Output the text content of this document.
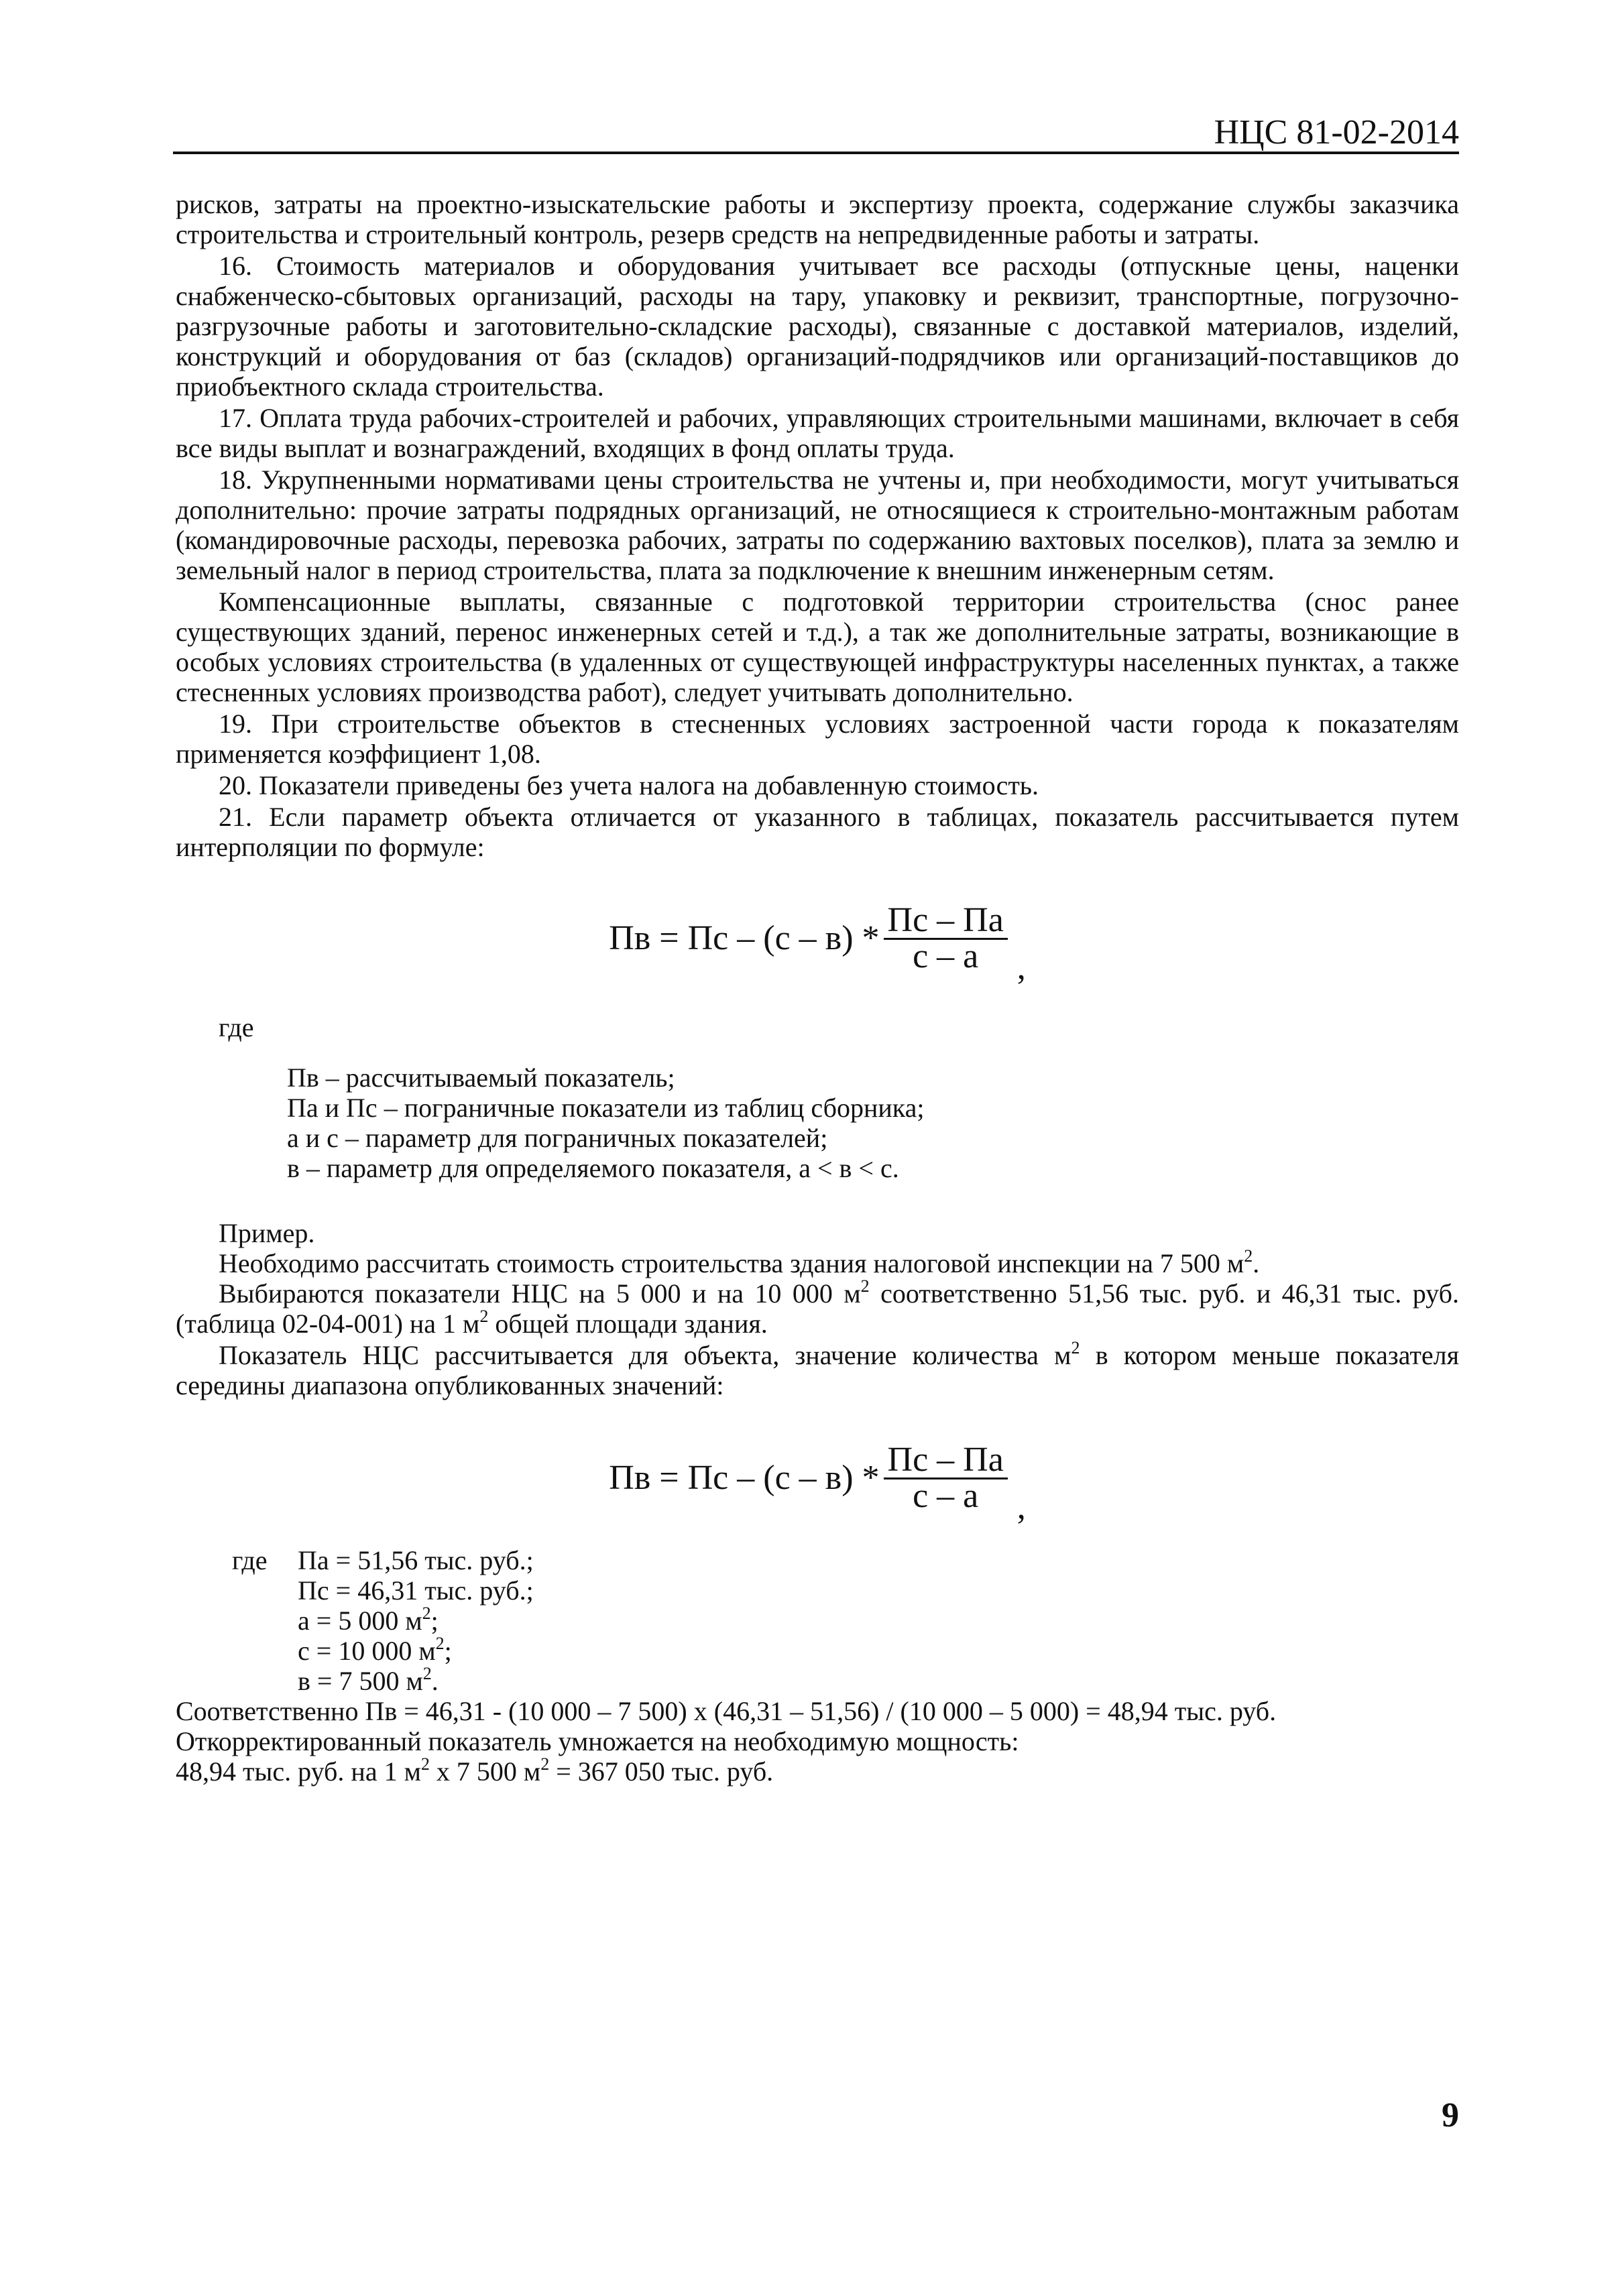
НЦС 81-02-2014

рисков, затраты на проектно-изыскательские работы и экспертизу проекта, содержание службы заказчика строительства и строительный контроль, резерв средств на непредвиденные работы и затраты.

16. Стоимость материалов и оборудования учитывает все расходы (отпускные цены, наценки снабженческо-сбытовых организаций, расходы на тару, упаковку и реквизит, транспортные, погрузочно-разгрузочные работы и заготовительно-складские расходы), связанные с доставкой материалов, изделий, конструкций и оборудования от баз (складов) организаций-подрядчиков или организаций-поставщиков до приобъектного склада строительства.

17. Оплата труда рабочих-строителей и рабочих, управляющих строительными машинами, включает в себя все виды выплат и вознаграждений, входящих в фонд оплаты труда.

18. Укрупненными нормативами цены строительства не учтены и, при необходимости, могут учитываться дополнительно: прочие затраты подрядных организаций, не относящиеся к строительно-монтажным работам (командировочные расходы, перевозка рабочих, затраты по содержанию вахтовых поселков), плата за землю и земельный налог в период строительства, плата за подключение к внешним инженерным сетям.

Компенсационные выплаты, связанные с подготовкой территории строительства (снос ранее существующих зданий, перенос инженерных сетей и т.д.), а так же дополнительные затраты, возникающие в особых условиях строительства (в удаленных от существующей инфраструктуры населенных пунктах, а также стесненных условиях производства работ), следует учитывать дополнительно.

19. При строительстве объектов в стесненных условиях застроенной части города к показателям применяется коэффициент 1,08.

20. Показатели приведены без учета налога на добавленную стоимость.

21. Если параметр объекта отличается от указанного в таблицах, показатель рассчитывается путем интерполяции по формуле:

Пв = Пс – $(с - в) * \frac{Пс - Па}{с - а}$ ,
где
Пв – рассчитываемый показатель;
Па и Пс – пограничные показатели из таблиц сборника;
а и с – параметр для пограничных показателей;
в – параметр для определяемого показателя, а < в < с.
Пример.
Необходимо рассчитать стоимость строительства здания налоговой инспекции на 7 500 $м^2$.

Выбираются показатели НЦС на 5 000 и на 10 000 $м^2$ соответственно 51,56 тыс. руб. и 46,31 тыс. руб. (таблица 02-04-001) на 1 $м^2$ общей площади здания.

Показатель НЦС рассчитывается для объекта, значение количества $м^2$ в котором меньше показателя середины диапазона опубликованных значений:

Пв = Пс – $(с - в) * \frac{Пс - Па}{с - а}$ ,
где	Па = 51,56 тыс. руб.;
Пс = 46,31 тыс. руб.;
а = 5 000 $м^2$;
с = 10 000 $м^2$;
в = 7 500 $м^2$.
Соответственно Пв = 46,31 - (10 000 – 7 500) х (46,31 – 51,56) / (10 000 – 5 000) = 48,94 тыс. руб.
Откорректированный показатель умножается на необходимую мощность:
48,94 тыс. руб. на 1 $м^2$ х 7 500 $м^2 = 367$ 050 тыс. руб.
9
